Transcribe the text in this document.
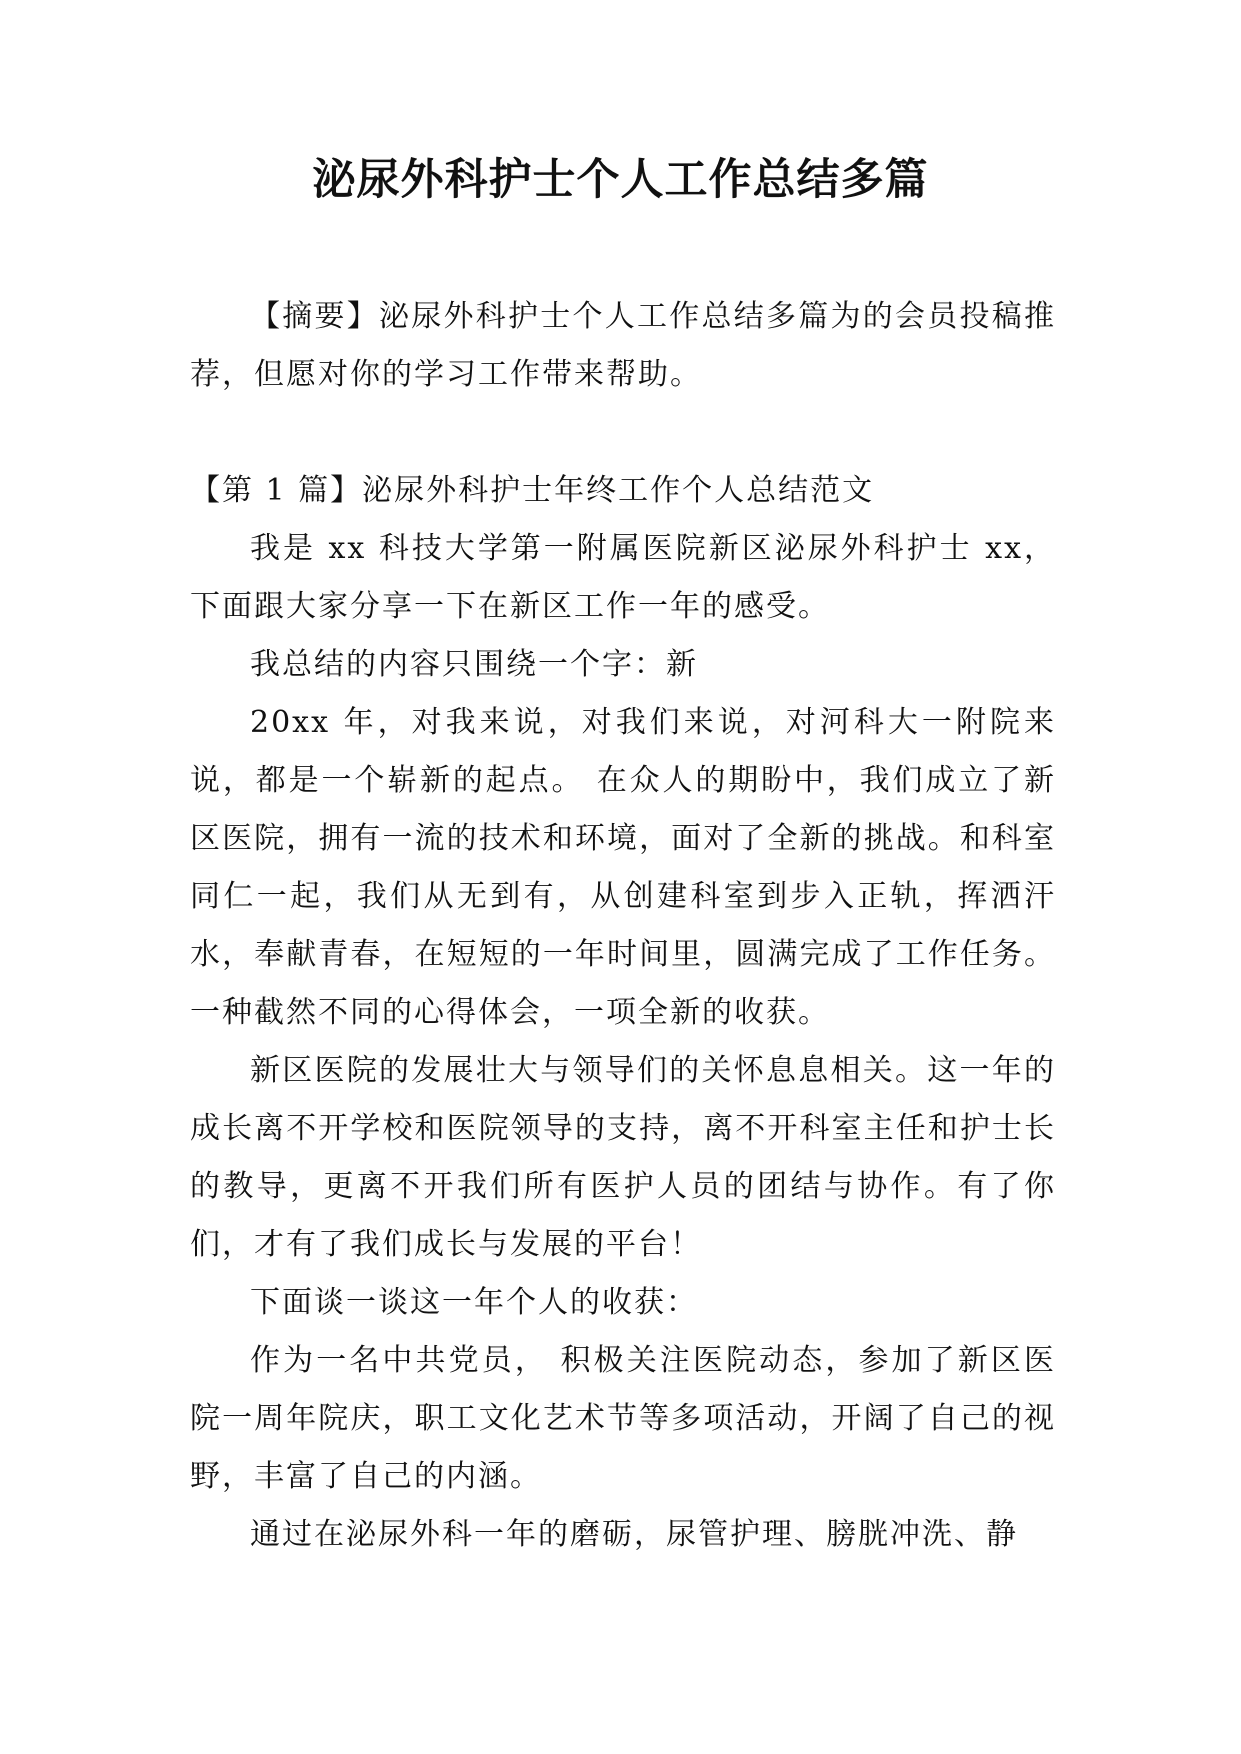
泌尿外科护士个人工作总结多篇

【摘要】泌尿外科护士个人工作总结多篇为的会员投稿推荐，但愿对你的学习工作带来帮助。

【第 1 篇】泌尿外科护士年终工作个人总结范文

我是 xx 科技大学第一附属医院新区泌尿外科护士 xx，下面跟大家分享一下在新区工作一年的感受。

我总结的内容只围绕一个字：新

20xx 年，对我来说，对我们来说，对河科大一附院来说，都是一个崭新的起点。 在众人的期盼中，我们成立了新区医院，拥有一流的技术和环境，面对了全新的挑战。和科室同仁一起，我们从无到有，从创建科室到步入正轨，挥洒汗水，奉献青春，在短短的一年时间里，圆满完成了工作任务。一种截然不同的心得体会，一项全新的收获。

新区医院的发展壮大与领导们的关怀息息相关。这一年的成长离不开学校和医院领导的支持，离不开科室主任和护士长的教导，更离不开我们所有医护人员的团结与协作。有了你们，才有了我们成长与发展的平台！

下面谈一谈这一年个人的收获：

作为一名中共党员， 积极关注医院动态，参加了新区医院一周年院庆，职工文化艺术节等多项活动，开阔了自己的视野，丰富了自己的内涵。

通过在泌尿外科一年的磨砺，尿管护理、膀胱冲洗、静
